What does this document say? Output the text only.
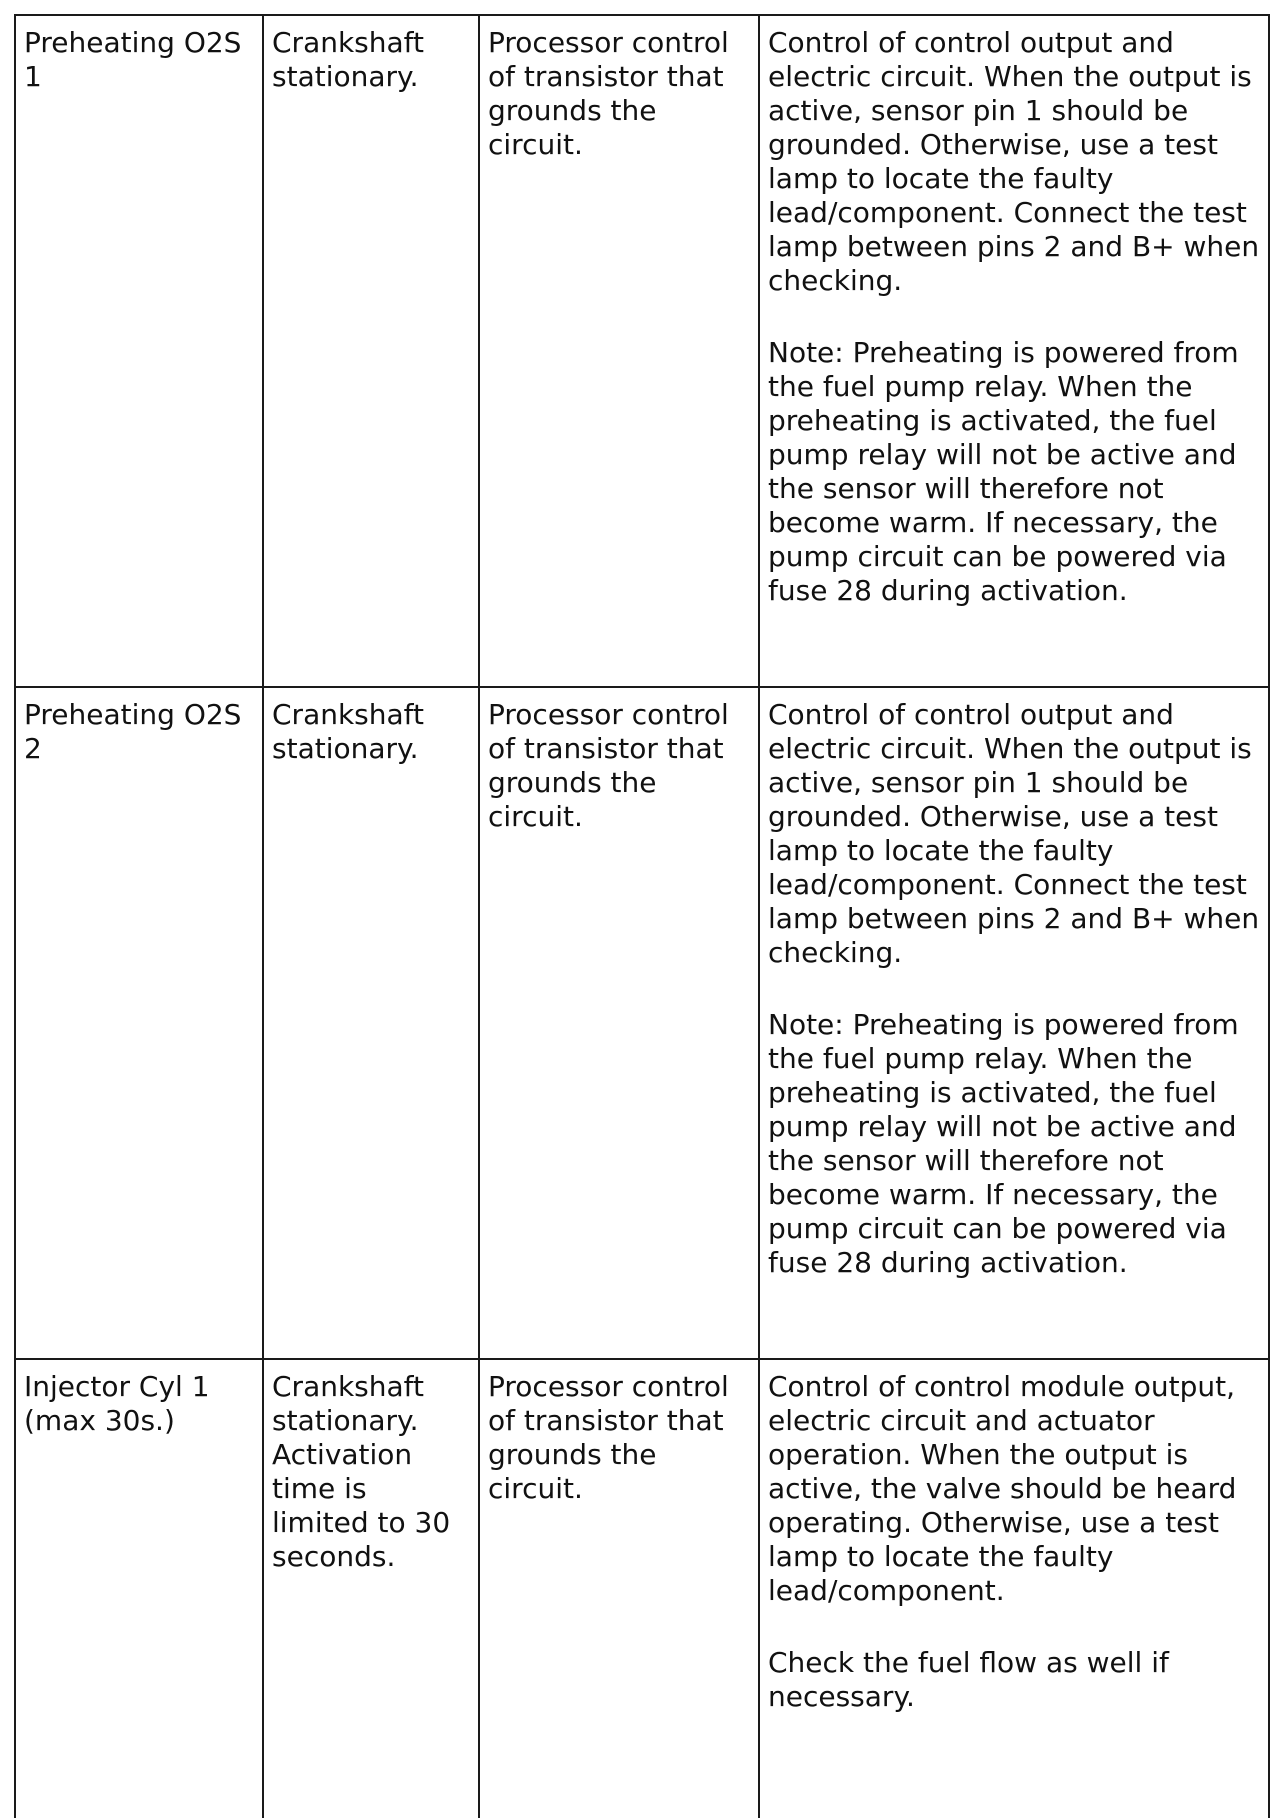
Preheating O2S 1	Crankshaft stationary.	Processor control of transistor that grounds the circuit.	Control of control output and electric circuit. When the output is active, sensor pin 1 should be grounded. Otherwise, use a test lamp to locate the faulty lead/component. Connect the test lamp between pins 2 and B+ when checking.

Note: Preheating is powered from the fuel pump relay. When the preheating is activated, the fuel pump relay will not be active and the sensor will therefore not become warm. If necessary, the pump circuit can be powered via fuse 28 during activation.

Preheating O2S 2	Crankshaft stationary.	Processor control of transistor that grounds the circuit.	Control of control output and electric circuit. When the output is active, sensor pin 1 should be grounded. Otherwise, use a test lamp to locate the faulty lead/component. Connect the test lamp between pins 2 and B+ when checking.

Note: Preheating is powered from the fuel pump relay. When the preheating is activated, the fuel pump relay will not be active and the sensor will therefore not become warm. If necessary, the pump circuit can be powered via fuse 28 during activation.

Injector Cyl 1 (max 30s.)	Crankshaft stationary. Activation time is limited to 30 seconds.	Processor control of transistor that grounds the circuit.	Control of control module output, electric circuit and actuator operation. When the output is active, the valve should be heard operating. Otherwise, use a test lamp to locate the faulty lead/component.

Check the fuel flow as well if necessary.
